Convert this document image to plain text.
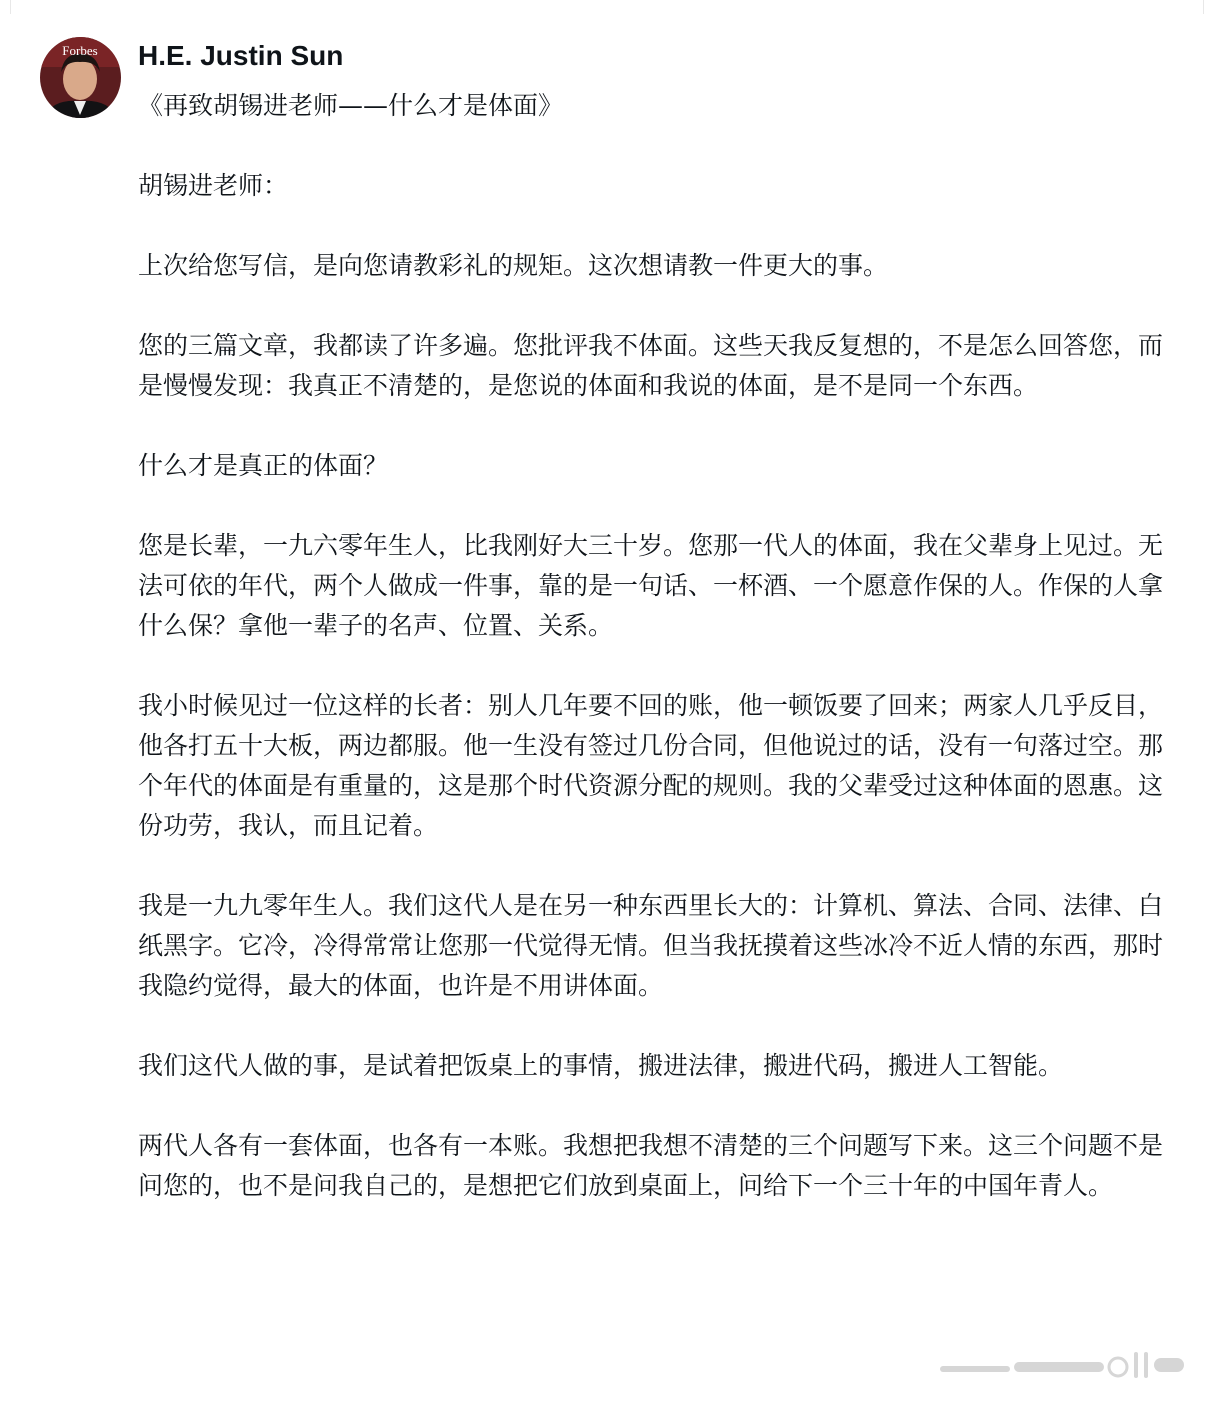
Forbes H.E. Justin Sun
《再致胡锡进老师——什么才是体面》

胡锡进老师：

上次给您写信，是向您请教彩礼的规矩。这次想请教一件更大的事。

您的三篇文章，我都读了许多遍。您批评我不体面。这些天我反复想的，不是怎么回答您，而是慢慢发现：我真正不清楚的，是您说的体面和我说的体面，是不是同一个东西。

什么才是真正的体面？

您是长辈，一九六零年生人，比我刚好大三十岁。您那一代人的体面，我在父辈身上见过。无法可依的年代，两个人做成一件事，靠的是一句话、一杯酒、一个愿意作保的人。作保的人拿什么保？拿他一辈子的名声、位置、关系。

我小时候见过一位这样的长者：别人几年要不回的账，他一顿饭要了回来；两家人几乎反目，他各打五十大板，两边都服。他一生没有签过几份合同，但他说过的话，没有一句落过空。那个年代的体面是有重量的，这是那个时代资源分配的规则。我的父辈受过这种体面的恩惠。这份功劳，我认，而且记着。

我是一九九零年生人。我们这代人是在另一种东西里长大的：计算机、算法、合同、法律、白纸黑字。它冷，冷得常常让您那一代觉得无情。但当我抚摸着这些冰冷不近人情的东西，那时我隐约觉得，最大的体面，也许是不用讲体面。

我们这代人做的事，是试着把饭桌上的事情，搬进法律，搬进代码，搬进人工智能。

两代人各有一套体面，也各有一本账。我想把我想不清楚的三个问题写下来。这三个问题不是问您的，也不是问我自己的，是想把它们放到桌面上，问给下一个三十年的中国年青人。
